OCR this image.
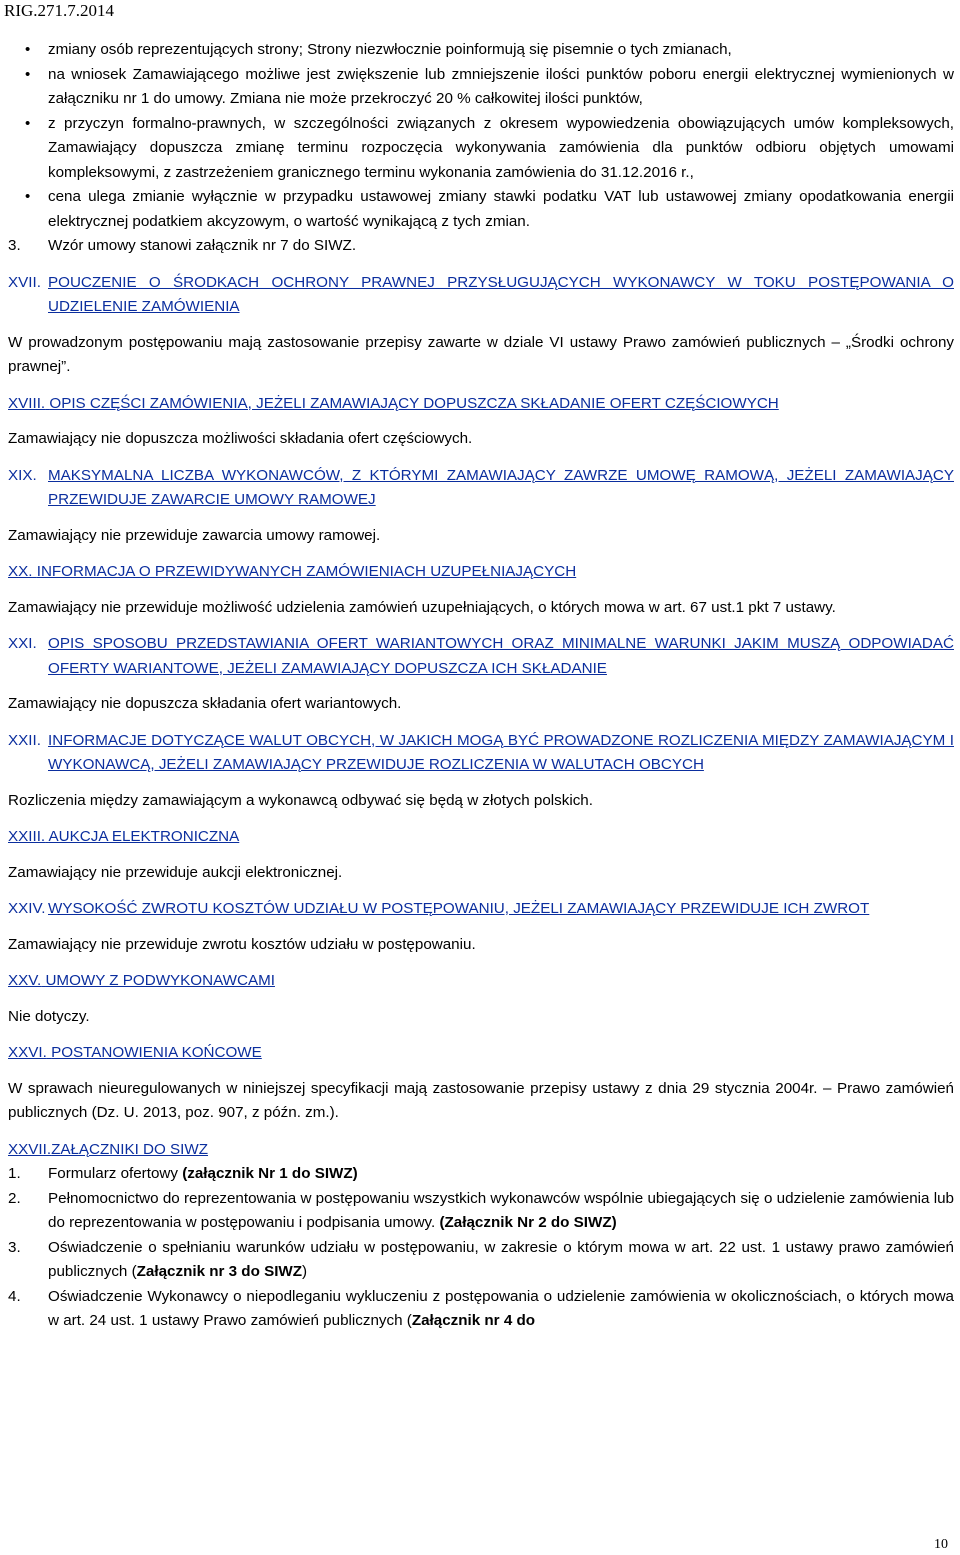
RIG.271.7.2014
• zmiany osób reprezentujących strony; Strony niezwłocznie poinformują się pisemnie o tych zmianach,
• na wniosek Zamawiającego możliwe jest zwiększenie lub zmniejszenie ilości punktów poboru energii elektrycznej wymienionych w załączniku nr 1 do umowy. Zmiana nie może przekroczyć 20 % całkowitej ilości punktów,
• z przyczyn formalno-prawnych, w szczególności związanych z okresem wypowiedzenia obowiązujących umów kompleksowych, Zamawiający dopuszcza zmianę terminu rozpoczęcia wykonywania zamówienia dla punktów odbioru objętych umowami kompleksowymi, z zastrzeżeniem granicznego terminu wykonania zamówienia do 31.12.2016 r.,
• cena ulega zmianie wyłącznie w przypadku ustawowej zmiany stawki podatku VAT lub ustawowej zmiany opodatkowania energii elektrycznej podatkiem akcyzowym, o wartość wynikającą z tych zmian.
3. Wzór umowy stanowi załącznik nr 7 do SIWZ.
XVII. POUCZENIE O ŚRODKACH OCHRONY PRAWNEJ PRZYSŁUGUJĄCYCH WYKONAWCY W TOKU POSTĘPOWANIA O UDZIELENIE ZAMÓWIENIA

W prowadzonym postępowaniu mają zastosowanie przepisy zawarte w dziale VI ustawy Prawo zamówień publicznych – „Środki ochrony prawnej”.

XVIII. OPIS CZĘŚCI ZAMÓWIENIA, JEŻELI ZAMAWIAJĄCY DOPUSZCZA SKŁADANIE OFERT CZĘŚCIOWYCH

Zamawiający nie dopuszcza możliwości składania ofert częściowych.

XIX. MAKSYMALNA LICZBA WYKONAWCÓW, Z KTÓRYMI ZAMAWIAJĄCY ZAWRZE UMOWĘ RAMOWĄ, JEŻELI ZAMAWIAJĄCY PRZEWIDUJE ZAWARCIE UMOWY RAMOWEJ

Zamawiający nie przewiduje zawarcia umowy ramowej.

XX. INFORMACJA O PRZEWIDYWANYCH ZAMÓWIENIACH UZUPEŁNIAJĄCYCH

Zamawiający nie przewiduje możliwość udzielenia zamówień uzupełniających, o których mowa w art. 67 ust.1 pkt 7 ustawy.

XXI. OPIS SPOSOBU PRZEDSTAWIANIA OFERT WARIANTOWYCH ORAZ MINIMALNE WARUNKI JAKIM MUSZĄ ODPOWIADAĆ OFERTY WARIANTOWE, JEŻELI ZAMAWIAJĄCY DOPUSZCZA ICH SKŁADANIE

Zamawiający nie dopuszcza składania ofert wariantowych.

XXII. INFORMACJE DOTYCZĄCE WALUT OBCYCH, W JAKICH MOGĄ BYĆ PROWADZONE ROZLICZENIA MIĘDZY ZAMAWIAJĄCYM I WYKONAWCĄ, JEŻELI ZAMAWIAJĄCY PRZEWIDUJE ROZLICZENIA W WALUTACH OBCYCH

Rozliczenia między zamawiającym a wykonawcą odbywać się będą w złotych polskich.

XXIII. AUKCJA ELEKTRONICZNA

Zamawiający nie przewiduje aukcji elektronicznej.

XXIV. WYSOKOŚĆ ZWROTU KOSZTÓW UDZIAŁU W POSTĘPOWANIU, JEŻELI ZAMAWIAJĄCY PRZEWIDUJE ICH ZWROT

Zamawiający nie przewiduje zwrotu kosztów udziału w postępowaniu.

XXV. UMOWY Z PODWYKONAWCAMI

Nie dotyczy.

XXVI. POSTANOWIENIA KOŃCOWE

W sprawach nieuregulowanych w niniejszej specyfikacji mają zastosowanie przepisy ustawy z dnia 29 stycznia 2004r. – Prawo zamówień publicznych (Dz. U. 2013, poz. 907, z późn. zm.).

XXVII.ZAŁĄCZNIKI DO SIWZ
1. Formularz ofertowy (załącznik Nr 1 do SIWZ)
2. Pełnomocnictwo do reprezentowania w postępowaniu wszystkich wykonawców wspólnie ubiegających się o udzielenie zamówienia lub do reprezentowania w postępowaniu i podpisania umowy. (Załącznik Nr 2 do SIWZ)
3. Oświadczenie o spełnianiu warunków udziału w postępowaniu, w zakresie o którym mowa w art. 22 ust. 1 ustawy prawo zamówień publicznych (Załącznik nr 3 do SIWZ)
4. Oświadczenie Wykonawcy o niepodleganiu wykluczeniu z postępowania o udzielenie zamówienia w okolicznościach, o których mowa w art. 24 ust. 1 ustawy Prawo zamówień publicznych (Załącznik nr 4 do
10
